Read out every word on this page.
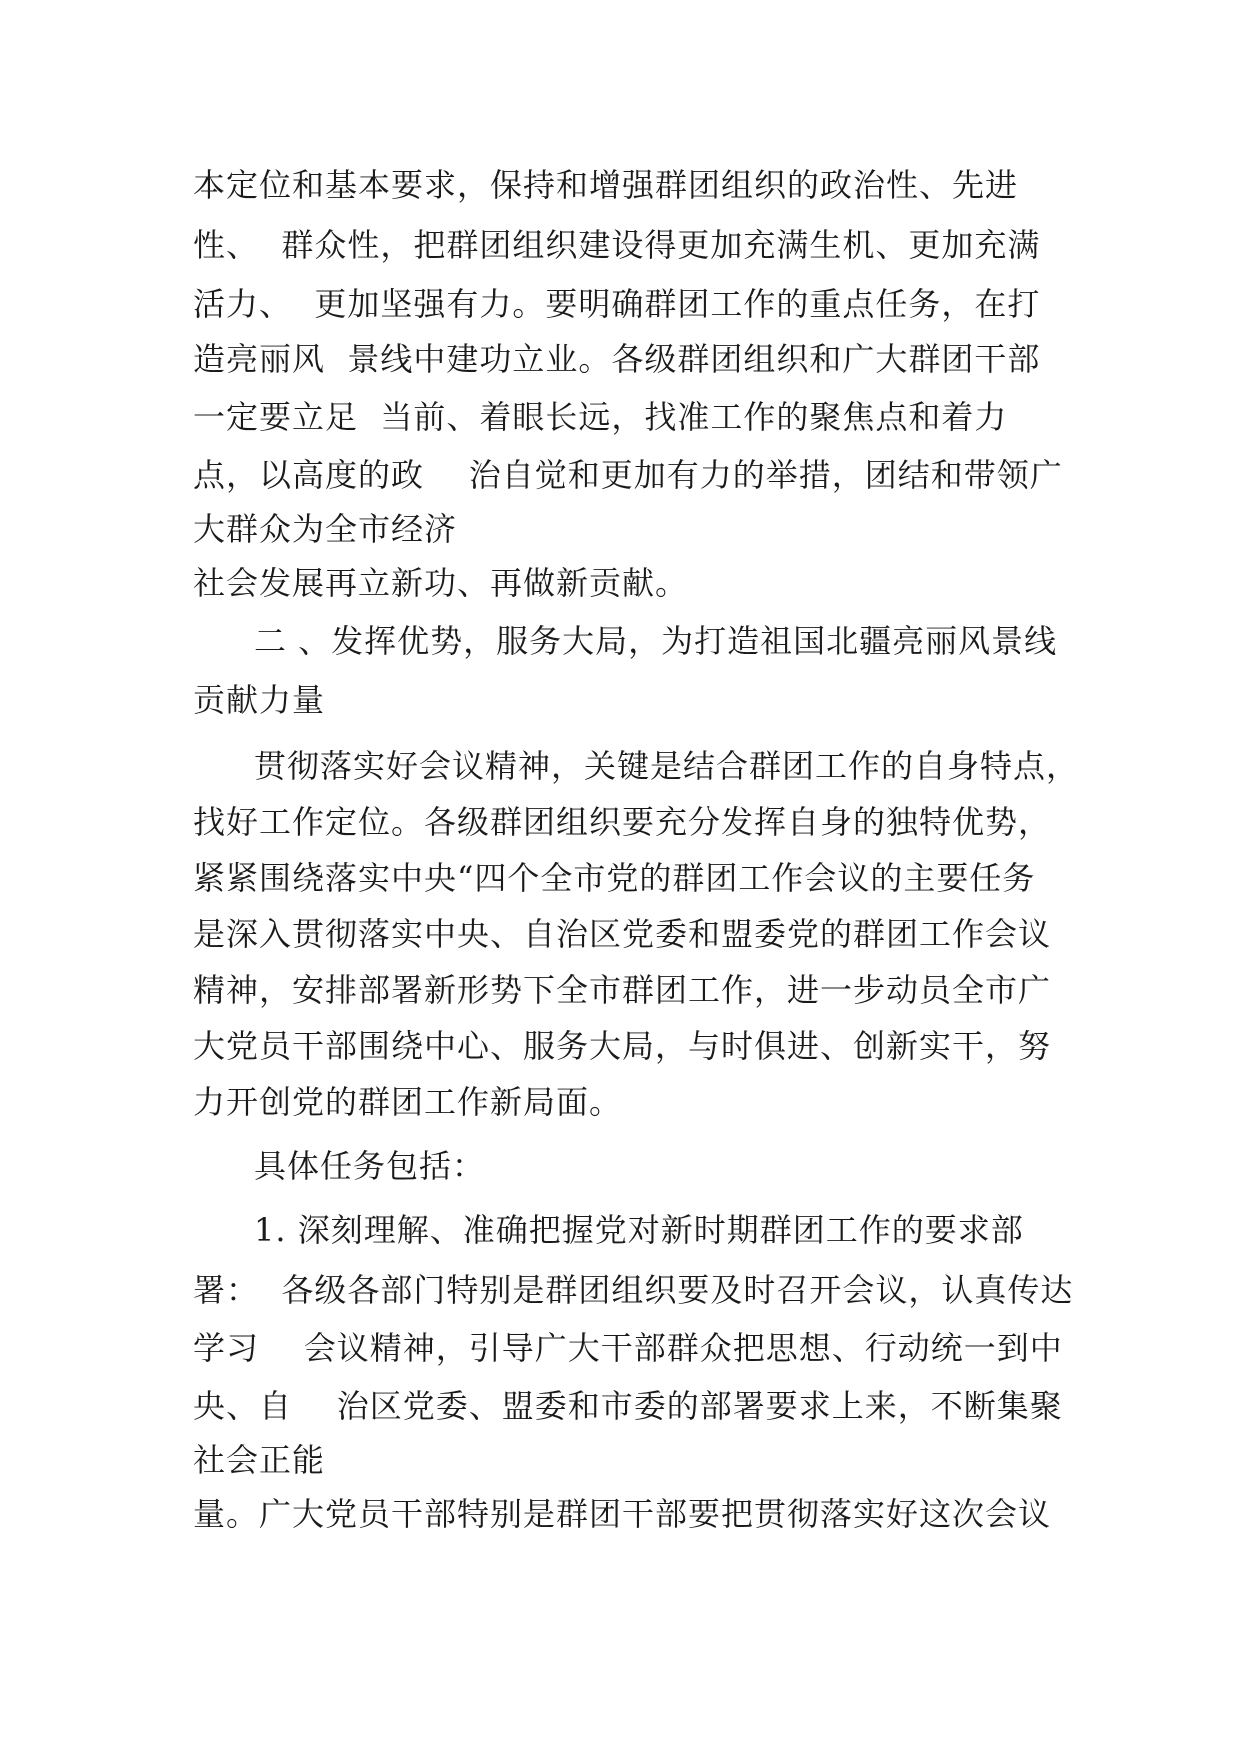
本定位和基本要求，保持和增强群团组织的政治性、先进
性、  群众性，把群团组织建设得更加充满生机、更加充满
活力、  更加坚强有力。要明确群团工作的重点任务，在打
造亮丽风  景线中建功立业。各级群团组织和广大群团干部
一定要立足  当前、着眼长远，找准工作的聚焦点和着力
点，以高度的政    治自觉和更加有力的举措，团结和带领广
大群众为全市经济
社会发展再立新功、再做新贡献。
二 、发挥优势，服务大局，为打造祖国北疆亮丽风景线
贡献力量
贯彻落实好会议精神，关键是结合群团工作的自身特点，
找好工作定位。各级群团组织要充分发挥自身的独特优势，
紧紧围绕落实中央“四个全市党的群团工作会议的主要任务
是深入贯彻落实中央、自治区党委和盟委党的群团工作会议
精神，安排部署新形势下全市群团工作，进一步动员全市广
大党员干部围绕中心、服务大局，与时俱进、创新实干，努
力开创党的群团工作新局面。
具体任务包括：
1. 深刻理解、准确把握党对新时期群团工作的要求部
署：  各级各部门特别是群团组织要及时召开会议，认真传达
学习    会议精神，引导广大干部群众把思想、行动统一到中
央、自    治区党委、盟委和市委的部署要求上来，不断集聚
社会正能
量。广大党员干部特别是群团干部要把贯彻落实好这次会议
